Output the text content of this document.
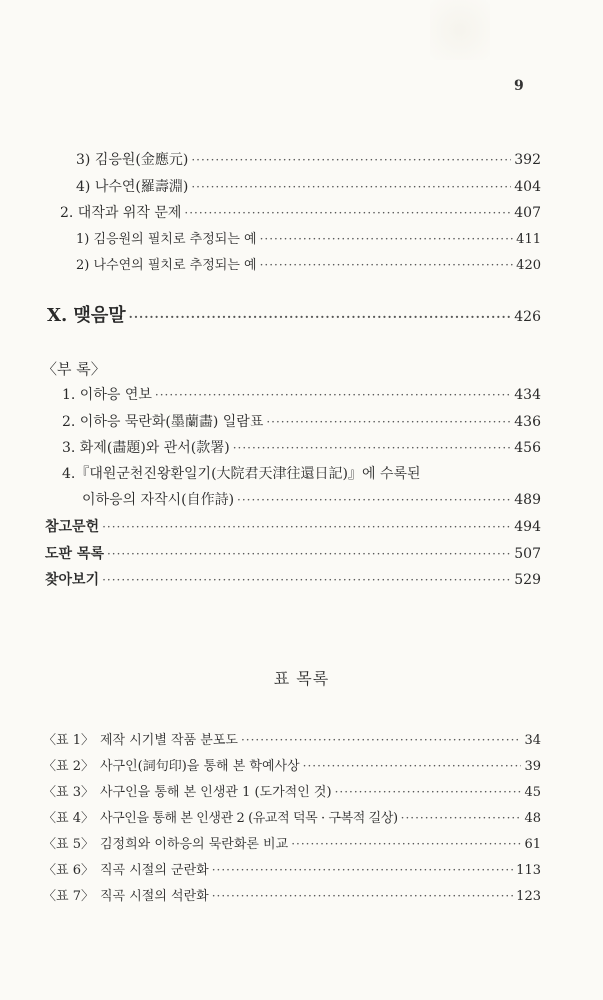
9
3) 김응원(金應元) ·····	392
4) 나수연(羅壽淵) ·····	404
2. 대작과 위작 문제 ·····	407
1) 김응원의 필치로 추정되는 예 ·····	411
2) 나수연의 필치로 추정되는 예 ·····	420
Ⅹ. 맺음말 ·····	426
〈부 록〉
1. 이하응 연보 ·····	434
2. 이하응 묵란화(墨蘭畵) 일람표 ·····	436
3. 화제(畵題)와 관서(款署) ·····	456
4.『대원군천진왕환일기(大院君天津往還日記)』에 수록된
이하응의 자작시(自作詩) ·····	489
참고문헌 ·····	494
도판 목록 ·····	507
찾아보기 ·····	529
표 목록
〈표 1〉 제작 시기별 작품 분포도 ·····	34
〈표 2〉 사구인(詞句印)을 통해 본 학예사상 ·····	39
〈표 3〉 사구인을 통해 본 인생관 1 (도가적인 것) ·····	45
〈표 4〉 사구인을 통해 본 인생관 2 (유교적 덕목 · 구복적 길상) ·····	48
〈표 5〉 김정희와 이하응의 묵란화론 비교 ·····	61
〈표 6〉 직곡 시절의 군란화 ·····	113
〈표 7〉 직곡 시절의 석란화 ·····	123
